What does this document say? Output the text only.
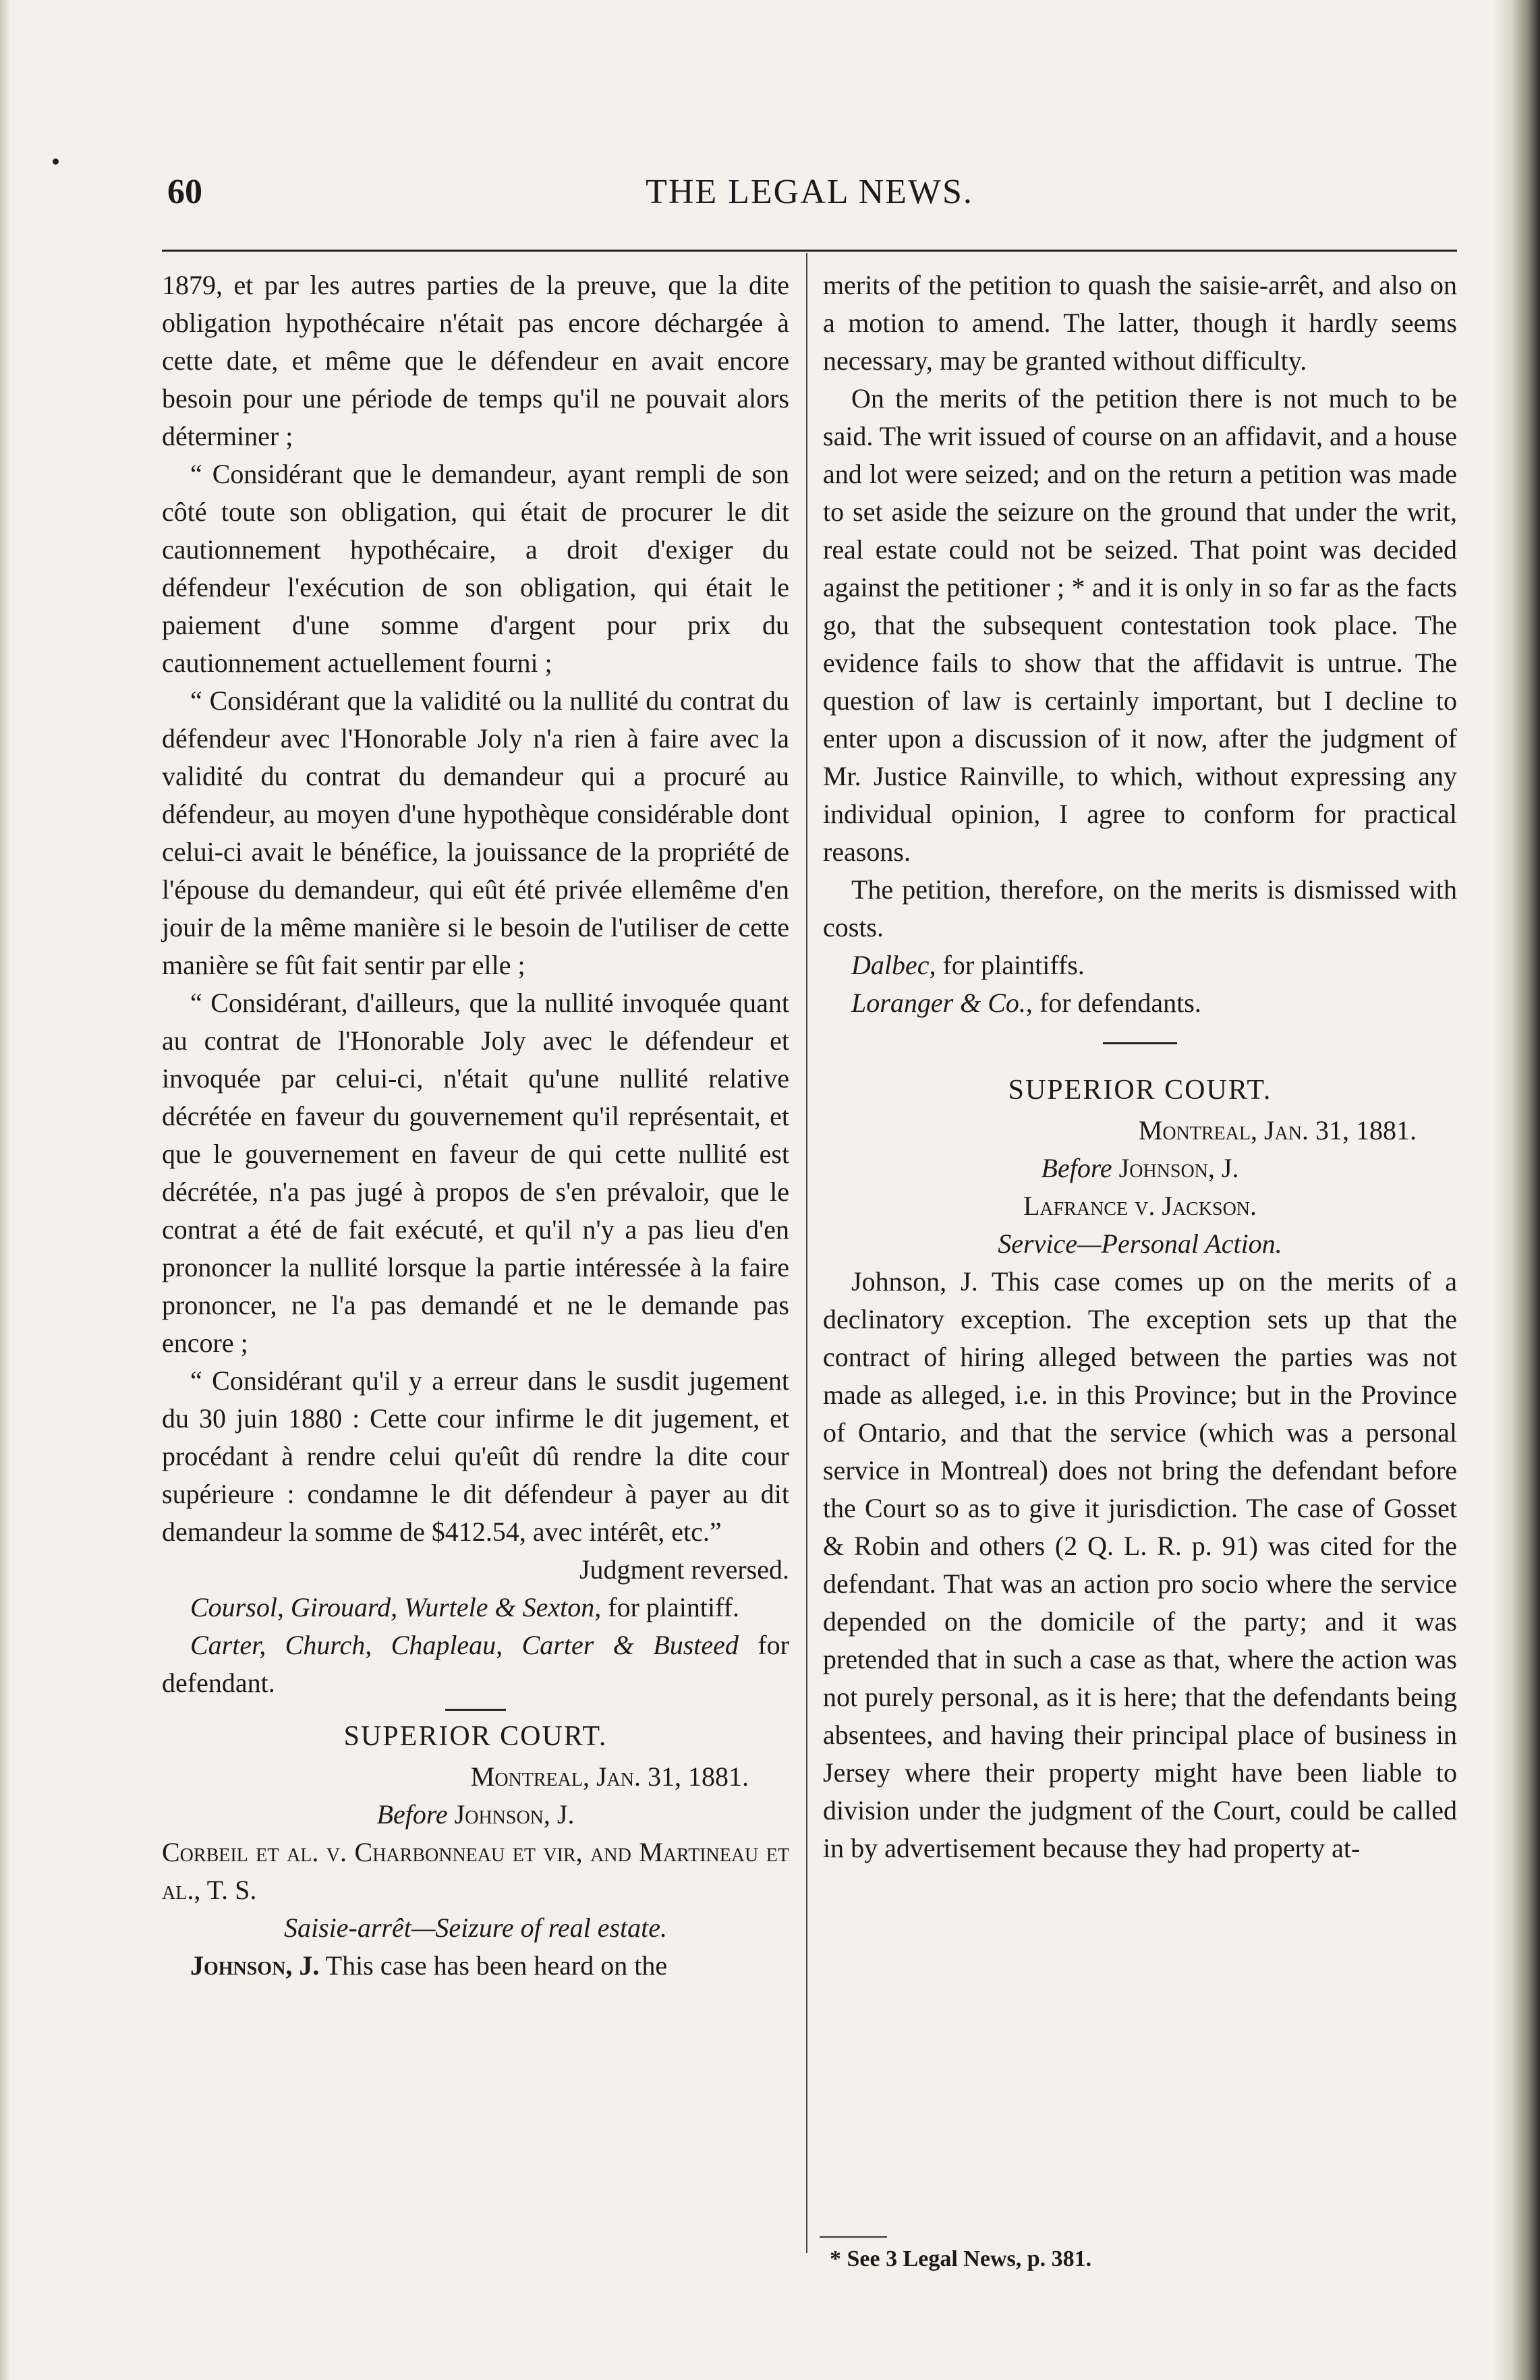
60	THE LEGAL NEWS.

1879, et par les autres parties de la preuve, que la dite obligation hypothécaire n'était pas encore déchargée à cette date, et même que le défendeur en avait encore besoin pour une période de temps qu'il ne pouvait alors déterminer ;

“ Considérant que le demandeur, ayant rempli de son côté toute son obligation, qui était de procurer le dit cautionnement hypothécaire, a droit d'exiger du défendeur l'exécution de son obligation, qui était le paiement d'une somme d'argent pour prix du cautionnement actuellement fourni ;

“ Considérant que la validité ou la nullité du contrat du défendeur avec l'Honorable Joly n'a rien à faire avec la validité du contrat du demandeur qui a procuré au défendeur, au moyen d'une hypothèque considérable dont celui-ci avait le bénéfice, la jouissance de la propriété de l'épouse du demandeur, qui eût été privée ellemême d'en jouir de la même manière si le besoin de l'utiliser de cette manière se fût fait sentir par elle ;

“ Considérant, d'ailleurs, que la nullité invoquée quant au contrat de l'Honorable Joly avec le défendeur et invoquée par celui-ci, n'était qu'une nullité relative décrétée en faveur du gouvernement qu'il représentait, et que le gouvernement en faveur de qui cette nullité est décrétée, n'a pas jugé à propos de s'en prévaloir, que le contrat a été de fait exécuté, et qu'il n'y a pas lieu d'en prononcer la nullité lorsque la partie intéressée à la faire prononcer, ne l'a pas demandé et ne le demande pas encore ;

“ Considérant qu'il y a erreur dans le susdit jugement du 30 juin 1880 : Cette cour infirme le dit jugement, et procédant à rendre celui qu'eût dû rendre la dite cour supérieure : condamne le dit défendeur à payer au dit demandeur la somme de $412.54, avec intérêt, etc.”

Judgment reversed.

Coursol, Girouard, Wurtele & Sexton, for plaintiff.

Carter, Church, Chapleau, Carter & Busteed for defendant.

SUPERIOR COURT.

Montreal, Jan. 31, 1881.

Before Johnson, J.

Corbeil et al. v. Charbonneau et vir, and Martineau et al., T. S.

Saisie-arrêt—Seizure of real estate.

Johnson, J. This case has been heard on the

merits of the petition to quash the saisie-arrêt, and also on a motion to amend. The latter, though it hardly seems necessary, may be granted without difficulty.

On the merits of the petition there is not much to be said. The writ issued of course on an affidavit, and a house and lot were seized; and on the return a petition was made to set aside the seizure on the ground that under the writ, real estate could not be seized. That point was decided against the petitioner ; * and it is only in so far as the facts go, that the subsequent contestation took place. The evidence fails to show that the affidavit is untrue. The question of law is certainly important, but I decline to enter upon a discussion of it now, after the judgment of Mr. Justice Rainville, to which, without expressing any individual opinion, I agree to conform for practical reasons.

The petition, therefore, on the merits is dismissed with costs.

Dalbec, for plaintiffs.

Loranger & Co., for defendants.

SUPERIOR COURT.

Montreal, Jan. 31, 1881.

Before Johnson, J.

Lafrance v. Jackson.

Service—Personal Action.

Johnson, J. This case comes up on the merits of a declinatory exception. The exception sets up that the contract of hiring alleged between the parties was not made as alleged, i.e. in this Province; but in the Province of Ontario, and that the service (which was a personal service in Montreal) does not bring the defendant before the Court so as to give it jurisdiction. The case of Gosset & Robin and others (2 Q. L. R. p. 91) was cited for the defendant. That was an action pro socio where the service depended on the domicile of the party; and it was pretended that in such a case as that, where the action was not purely personal, as it is here; that the defendants being absentees, and having their principal place of business in Jersey where their property might have been liable to division under the judgment of the Court, could be called in by advertisement because they had property at-

* See 3 Legal News, p. 381.
